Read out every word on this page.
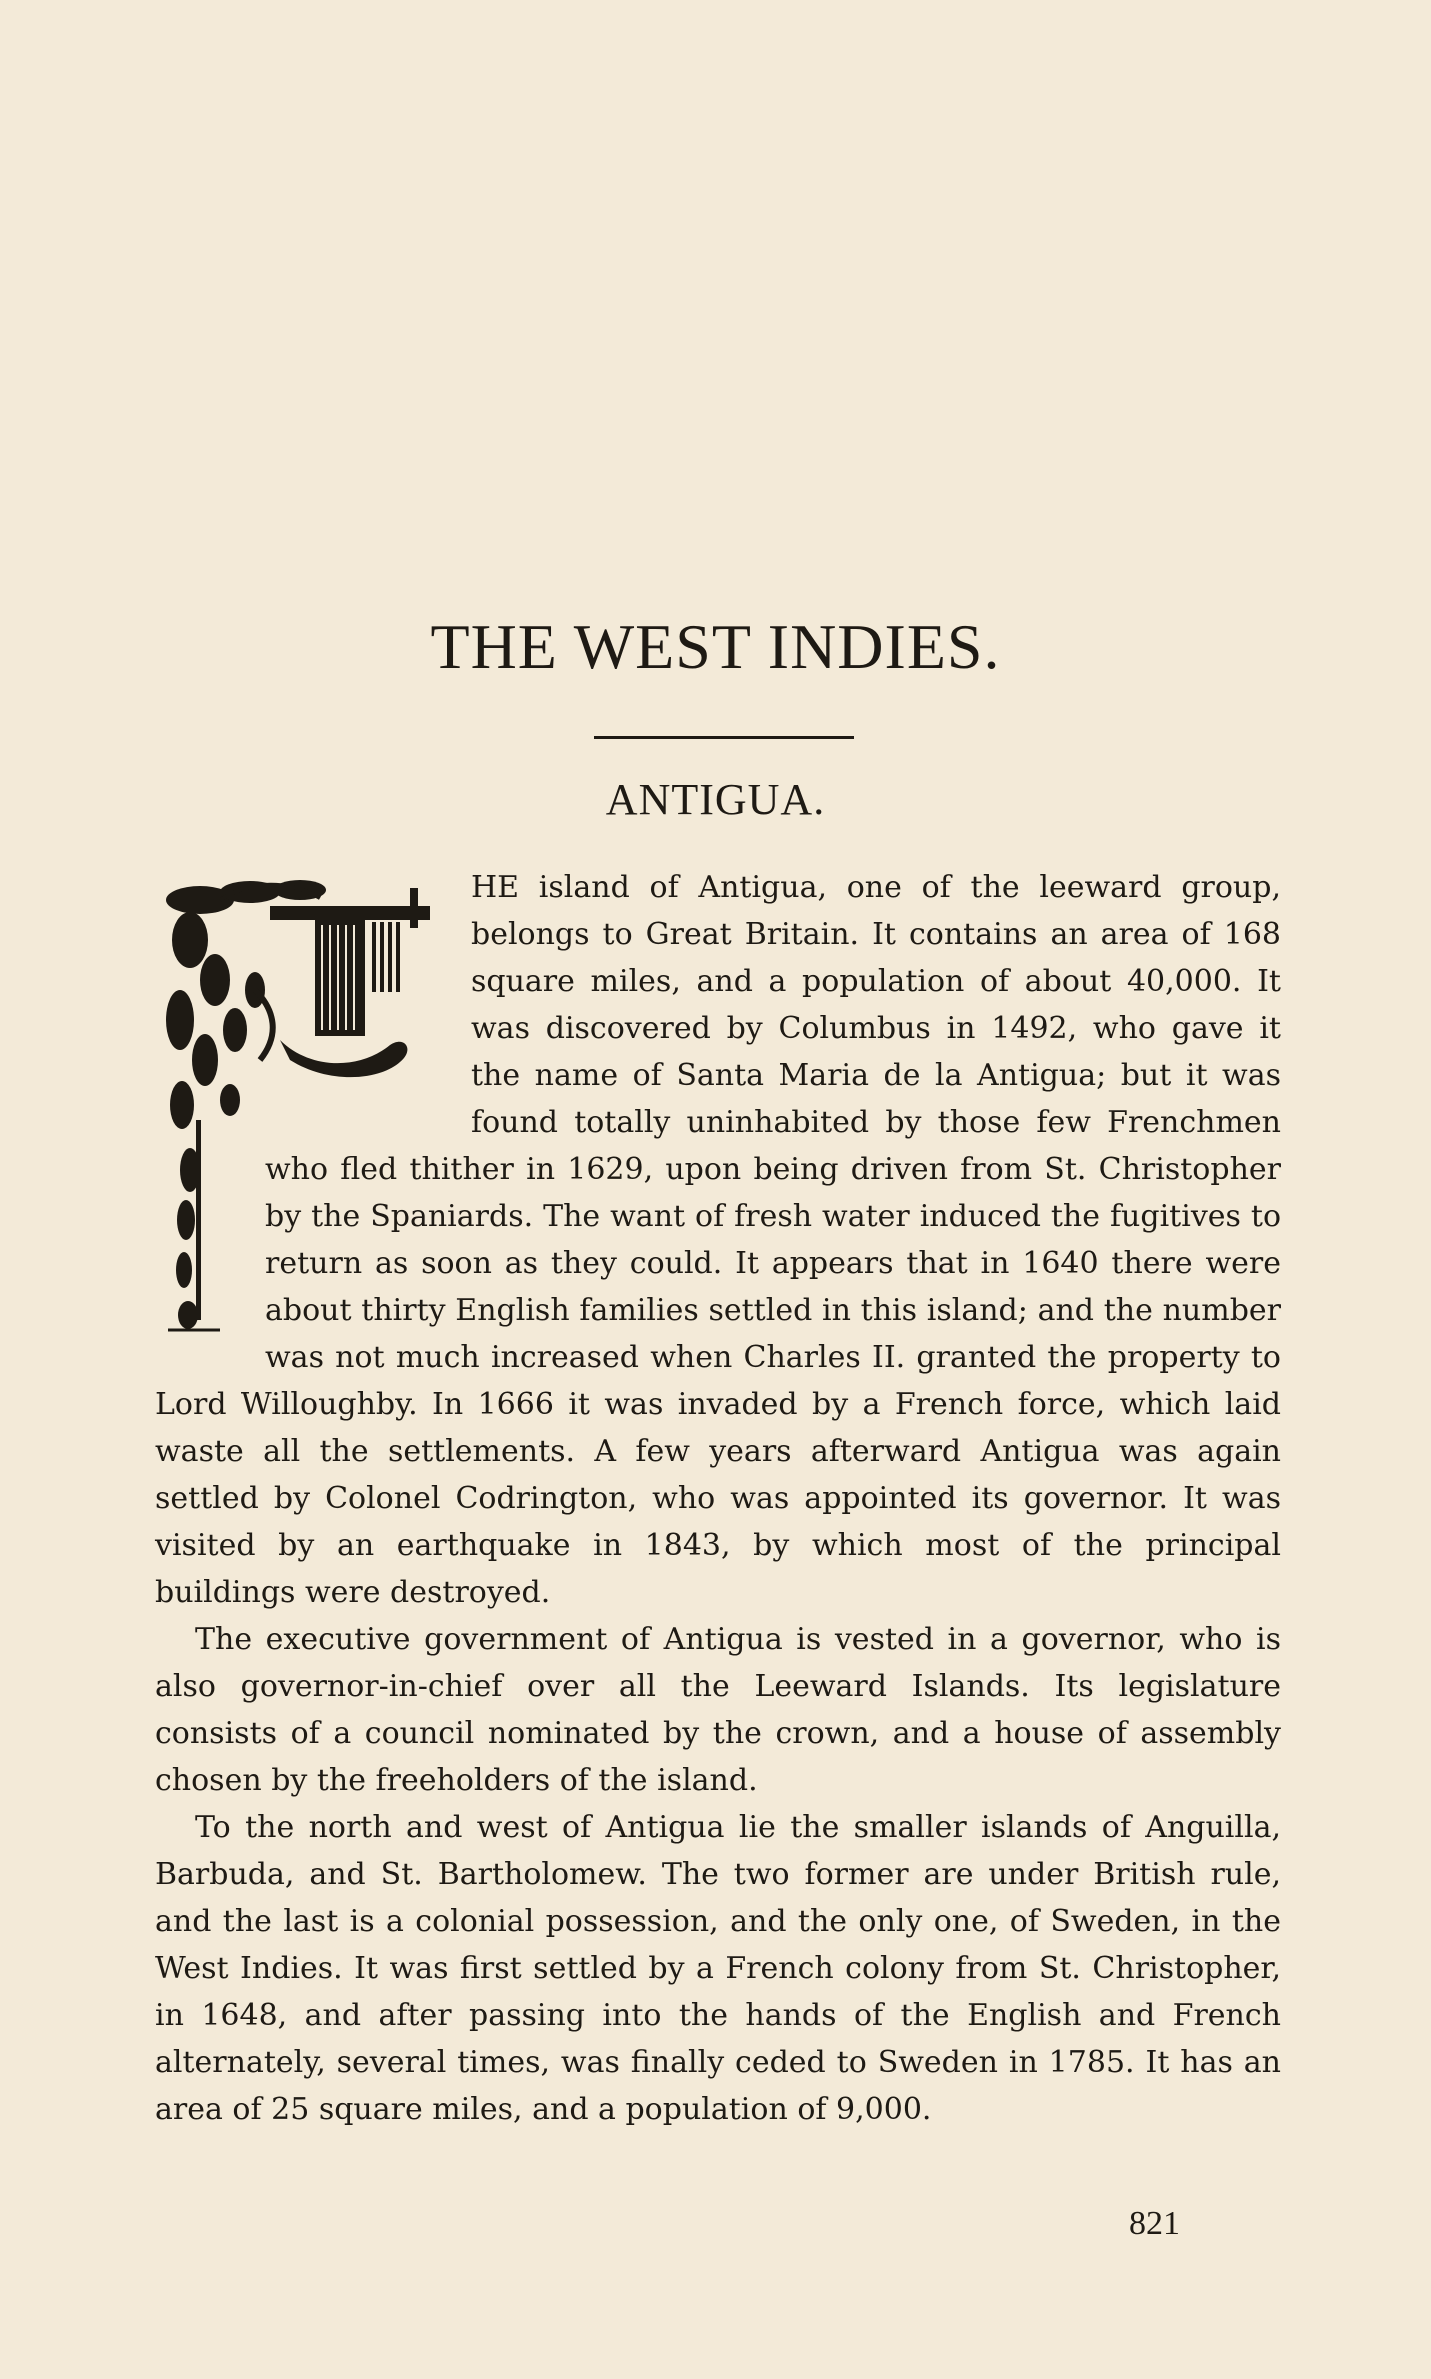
THE WEST INDIES.
ANTIGUA.

HE island of Antigua, one of the leeward group, belongs to Great Britain. It contains an area of 168 square miles, and a population of about 40,000. It was discovered by Columbus in 1492, who gave it the name of Santa Maria de la Antigua; but it was found totally uninhabited by those few Frenchmen who fled thither in 1629, upon being driven from St. Christopher by the Spaniards. The want of fresh water induced the fugitives to return as soon as they could. It appears that in 1640 there were about thirty English families settled in this island; and the number was not much increased when Charles II. granted the property to Lord Willoughby. In 1666 it was invaded by a French force, which laid waste all the settlements. A few years afterward Antigua was again settled by Colonel Codrington, who was appointed its governor. It was visited by an earthquake in 1843, by which most of the principal buildings were destroyed.

The executive government of Antigua is vested in a governor, who is also governor-in-chief over all the Leeward Islands. Its legislature consists of a council nominated by the crown, and a house of assembly chosen by the freeholders of the island.

To the north and west of Antigua lie the smaller islands of Anguilla, Barbuda, and St. Bartholomew. The two former are under British rule, and the last is a colonial possession, and the only one, of Sweden, in the West Indies. It was first settled by a French colony from St. Christopher, in 1648, and after passing into the hands of the English and French alternately, several times, was finally ceded to Sweden in 1785. It has an area of 25 square miles, and a population of 9,000.

821
